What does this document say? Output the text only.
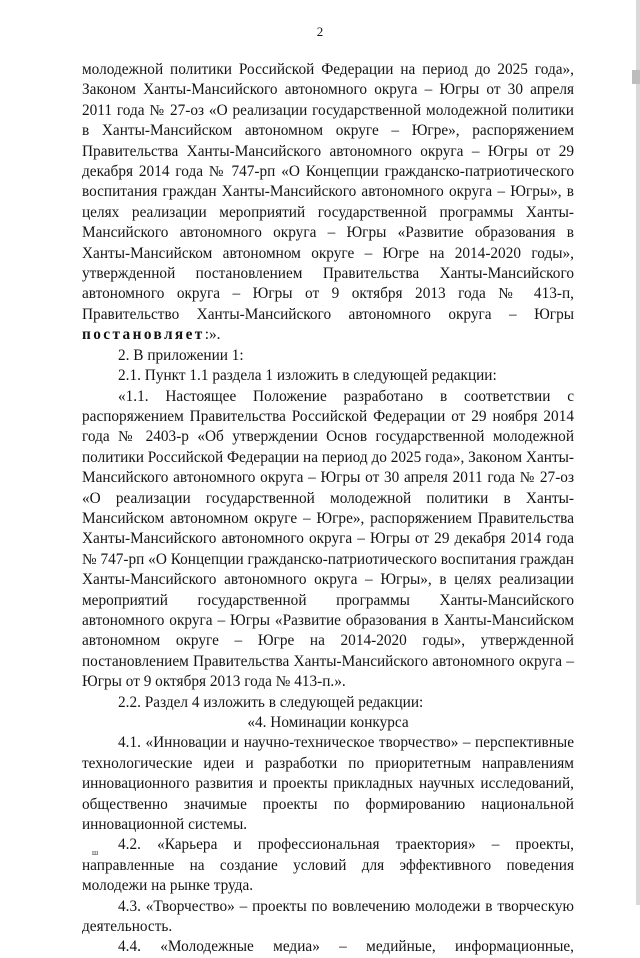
2

молодежной политики Российской Федерации на период до 2025 года», Законом Ханты-Мансийского автономного округа – Югры от 30 апреля 2011 года № 27-оз «О реализации государственной молодежной политики в Ханты-Мансийском автономном округе – Югре», распоряжением Правительства Ханты-Мансийского автономного округа – Югры от 29 декабря 2014 года № 747-рп «О Концепции гражданско-патриотического воспитания граждан Ханты-Мансийского автономного округа – Югры», в целях реализации мероприятий государственной программы Ханты-Мансийского автономного округа – Югры «Развитие образования в Ханты-Мансийском автономном округе – Югре на 2014-2020 годы», утвержденной постановлением Правительства Ханты-Мансийского автономного округа – Югры от 9 октября 2013 года № 413-п, Правительство Ханты-Мансийского автономного округа – Югры постановляет:».

2. В приложении 1:

2.1. Пункт 1.1 раздела 1 изложить в следующей редакции:

«1.1. Настоящее Положение разработано в соответствии с распоряжением Правительства Российской Федерации от 29 ноября 2014 года № 2403-р «Об утверждении Основ государственной молодежной политики Российской Федерации на период до 2025 года», Законом Ханты-Мансийского автономного округа – Югры от 30 апреля 2011 года № 27-оз «О реализации государственной молодежной политики в Ханты-Мансийском автономном округе – Югре», распоряжением Правительства Ханты-Мансийского автономного округа – Югры от 29 декабря 2014 года № 747-рп «О Концепции гражданско-патриотического воспитания граждан Ханты-Мансийского автономного округа – Югры», в целях реализации мероприятий государственной программы Ханты-Мансийского автономного округа – Югры «Развитие образования в Ханты-Мансийском автономном округе – Югре на 2014-2020 годы», утвержденной постановлением Правительства Ханты-Мансийского автономного округа – Югры от 9 октября 2013 года № 413-п.».

2.2. Раздел 4 изложить в следующей редакции:

«4. Номинации конкурса

4.1. «Инновации и научно-техническое творчество» – перспективные технологические идеи и разработки по приоритетным направлениям инновационного развития и проекты прикладных научных исследований, общественно значимые проекты по формированию национальной инновационной системы.

4.2. «Карьера и профессиональная траектория» – проекты, направленные на создание условий для эффективного поведения молодежи на рынке труда.

4.3. «Творчество» – проекты по вовлечению молодежи в творческую деятельность.

4.4. «Молодежные медиа» – медийные, информационные,

ш
